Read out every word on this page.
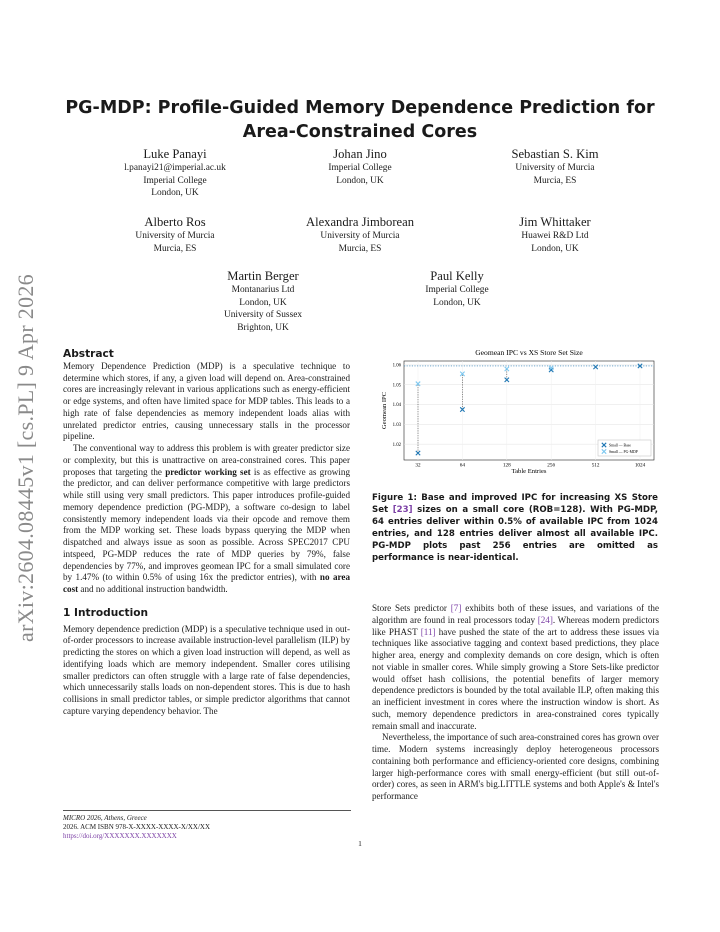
arXiv:2604.08445v1 [cs.PL] 9 Apr 2026
PG-MDP: Profile-Guided Memory Dependence Prediction for Area-Constrained Cores
Luke Panayi
l.panayi21@imperial.ac.uk
Imperial College
London, UK
Johan Jino
Imperial College
London, UK
Sebastian S. Kim
University of Murcia
Murcia, ES
Alberto Ros
University of Murcia
Murcia, ES
Alexandra Jimborean
University of Murcia
Murcia, ES
Jim Whittaker
Huawei R&D Ltd
London, UK
Martin Berger
Montanarius Ltd
London, UK
University of Sussex
Brighton, UK
Paul Kelly
Imperial College
London, UK

Abstract

Memory Dependence Prediction (MDP) is a speculative technique to determine which stores, if any, a given load will depend on. Area-constrained cores are increasingly relevant in various applications such as energy-efficient or edge systems, and often have limited space for MDP tables. This leads to a high rate of false dependencies as memory independent loads alias with unrelated predictor entries, causing unnecessary stalls in the processor pipeline.

The conventional way to address this problem is with greater predictor size or complexity, but this is unattractive on area-constrained cores. This paper proposes that targeting the predictor working set is as effective as growing the predictor, and can deliver performance competitive with large predictors while still using very small predictors. This paper introduces profile-guided memory dependence prediction (PG-MDP), a software co-design to label consistently memory independent loads via their opcode and remove them from the MDP working set. These loads bypass querying the MDP when dispatched and always issue as soon as possible. Across SPEC2017 CPU intspeed, PG-MDP reduces the rate of MDP queries by 79%, false dependencies by 77%, and improves geomean IPC for a small simulated core by 1.47% (to within 0.5% of using 16x the predictor entries), with no area cost and no additional instruction bandwidth.

1 Introduction

Memory dependence prediction (MDP) is a speculative technique used in out-of-order processors to increase available instruction-level parallelism (ILP) by predicting the stores on which a given load instruction will depend, as well as identifying loads which are memory independent. Smaller cores utilising smaller predictors can often struggle with a large rate of false dependencies, which unnecessarily stalls loads on non-dependent stores. This is due to hash collisions in small predictor tables, or simple predictor algorithms that cannot capture varying dependency behavior. The

MICRO 2026, Athens, Greece
2026. ACM ISBN 978-X-XXXX-XXXX-X/XX/XX
https://doi.org/XXXXXXX.XXXXXXX
Geomean IPC vs XS Store Set Size
1.02
1.03
1.04
1.05
1.06
32	64	128	256	512	1024
Table Entries
Geomean IPC
Small — Base
Small — PG-MDP
Figure 1: Base and improved IPC for increasing XS Store Set [23] sizes on a small core (ROB=128). With PG-MDP, 64 entries deliver within 0.5% of available IPC from 1024 entries, and 128 entries deliver almost all available IPC. PG-MDP plots past 256 entries are omitted as performance is near-identical.

Store Sets predictor [7] exhibits both of these issues, and variations of the algorithm are found in real processors today [24]. Whereas modern predictors like PHAST [11] have pushed the state of the art to address these issues via techniques like associative tagging and context based predictions, they place higher area, energy and complexity demands on core design, which is often not viable in smaller cores. While simply growing a Store Sets-like predictor would offset hash collisions, the potential benefits of larger memory dependence predictors is bounded by the total available ILP, often making this an inefficient investment in cores where the instruction window is short. As such, memory dependence predictors in area-constrained cores typically remain small and inaccurate.

Nevertheless, the importance of such area-constrained cores has grown over time. Modern systems increasingly deploy heterogeneous processors containing both performance and efficiency-oriented core designs, combining larger high-performance cores with small energy-efficient (but still out-of-order) cores, as seen in ARM's big.LITTLE systems and both Apple's & Intel's performance

1
